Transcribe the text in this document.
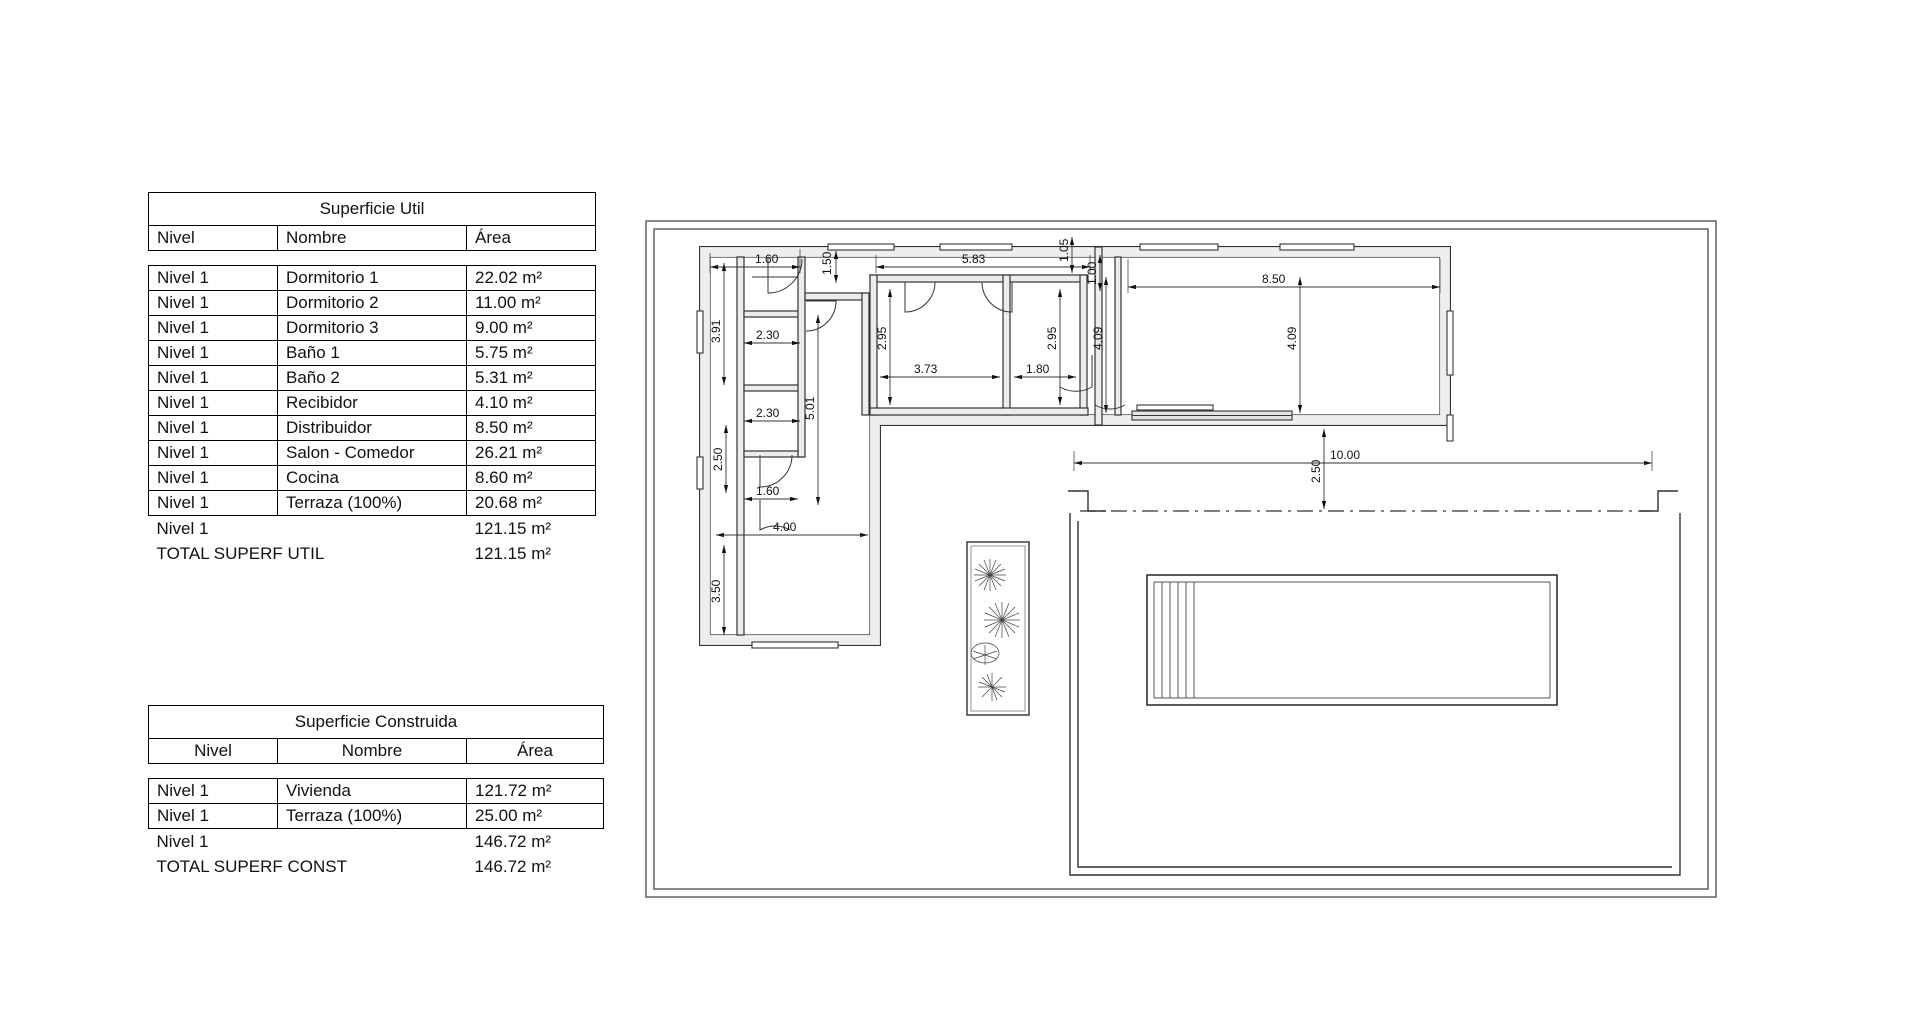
Superficie Util		
Nivel	Nombre	Área

Nivel 1	Dormitorio 1	22.02 m²
Nivel 1	Dormitorio 2	11.00 m²
Nivel 1	Dormitorio 3	9.00 m²
Nivel 1	Baño 1	5.75 m²
Nivel 1	Baño 2	5.31 m²
Nivel 1	Recibidor	4.10 m²
Nivel 1	Distribuidor	8.50 m²
Nivel 1	Salon - Comedor	26.21 m²
Nivel 1	Cocina	8.60 m²
Nivel 1	Terraza (100%)	20.68 m²
Nivel 1		121.15 m²
TOTAL SUPERF UTIL		121.15 m²
Superficie Construida		
Nivel	Nombre	Área

Nivel 1	Vivienda	121.72 m²
Nivel 1	Terraza (100%)	25.00 m²
Nivel 1		146.72 m²
TOTAL SUPERF CONST		146.72 m²
1.60	1.50	5.83	1.05
1.00	8.50
3.91	2.30	2.95
3.73	1.80
2.95	4.09	4.09
5.01
2.30
2.50
1.60
4.00
3.50
10.00
2.50
